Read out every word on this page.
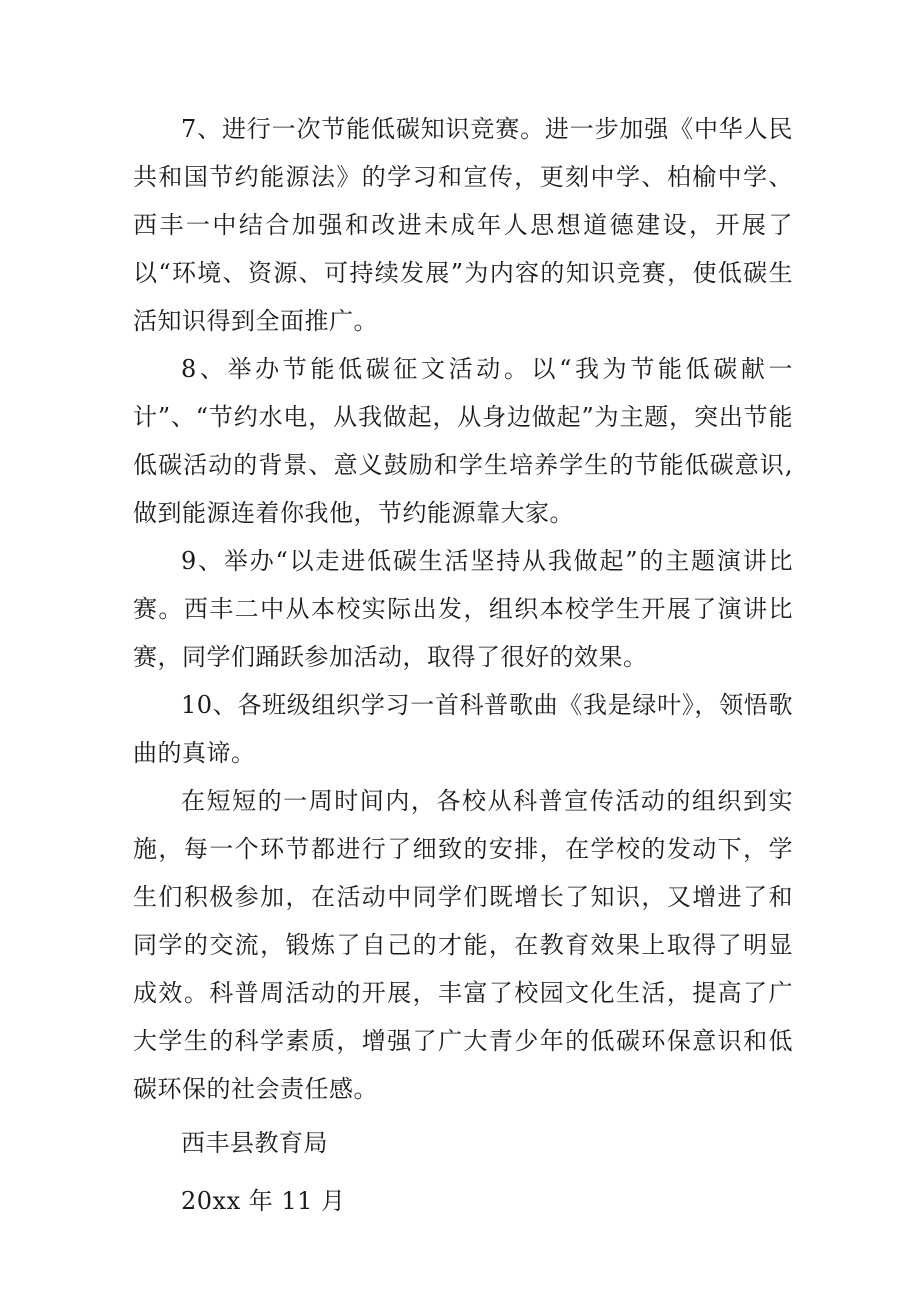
7、进行一次节能低碳知识竞赛。进一步加强《中华人民共和国节约能源法》的学习和宣传，更刻中学、柏榆中学、西丰一中结合加强和改进未成年人思想道德建设，开展了以“环境、资源、可持续发展”为内容的知识竞赛，使低碳生活知识得到全面推广。

8、举办节能低碳征文活动。以“我为节能低碳献一计”、“节约水电，从我做起，从身边做起”为主题，突出节能低碳活动的背景、意义鼓励和学生培养学生的节能低碳意识,做到能源连着你我他，节约能源靠大家。

9、举办“以走进低碳生活坚持从我做起”的主题演讲比赛。西丰二中从本校实际出发，组织本校学生开展了演讲比赛，同学们踊跃参加活动，取得了很好的效果。

10、各班级组织学习一首科普歌曲《我是绿叶》，领悟歌曲的真谛。

在短短的一周时间内，各校从科普宣传活动的组织到实施，每一个环节都进行了细致的安排，在学校的发动下，学生们积极参加，在活动中同学们既增长了知识，又增进了和同学的交流，锻炼了自己的才能，在教育效果上取得了明显成效。科普周活动的开展，丰富了校园文化生活，提高了广大学生的科学素质，增强了广大青少年的低碳环保意识和低碳环保的社会责任感。

西丰县教育局

20xx 年 11 月
